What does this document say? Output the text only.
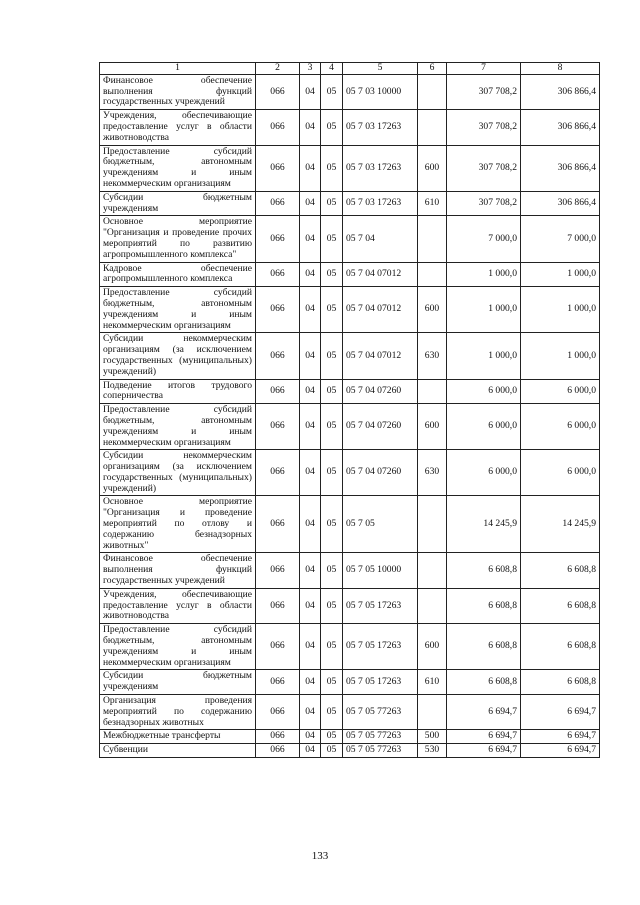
1	2	3	4	5	6	7	8
Финансовое обеспечение выполнения функций государственных учреждений	066	04	05	05 7 03 10000		307 708,2	306 866,4
Учреждения, обеспечивающие предоставление услуг в области животноводства	066	04	05	05 7 03 17263		307 708,2	306 866,4
Предоставление субсидий бюджетным, автономным учреждениям и иным некоммерческим организациям	066	04	05	05 7 03 17263	600	307 708,2	306 866,4
Субсидии бюджетным учреждениям	066	04	05	05 7 03 17263	610	307 708,2	306 866,4
Основное мероприятие "Организация и проведение прочих мероприятий по развитию агропромышленного комплекса"	066	04	05	05 7 04		7 000,0	7 000,0
Кадровое обеспечение агропромышленного комплекса	066	04	05	05 7 04 07012		1 000,0	1 000,0
Предоставление субсидий бюджетным, автономным учреждениям и иным некоммерческим организациям	066	04	05	05 7 04 07012	600	1 000,0	1 000,0
Субсидии некоммерческим организациям (за исключением государственных (муниципальных) учреждений)	066	04	05	05 7 04 07012	630	1 000,0	1 000,0
Подведение итогов трудового соперничества	066	04	05	05 7 04 07260		6 000,0	6 000,0
Предоставление субсидий бюджетным, автономным учреждениям и иным некоммерческим организациям	066	04	05	05 7 04 07260	600	6 000,0	6 000,0
Субсидии некоммерческим организациям (за исключением государственных (муниципальных) учреждений)	066	04	05	05 7 04 07260	630	6 000,0	6 000,0
Основное мероприятие "Организация и проведение мероприятий по отлову и содержанию безнадзорных животных"	066	04	05	05 7 05		14 245,9	14 245,9
Финансовое обеспечение выполнения функций государственных учреждений	066	04	05	05 7 05 10000		6 608,8	6 608,8
Учреждения, обеспечивающие предоставление услуг в области животноводства	066	04	05	05 7 05 17263		6 608,8	6 608,8
Предоставление субсидий бюджетным, автономным учреждениям и иным некоммерческим организациям	066	04	05	05 7 05 17263	600	6 608,8	6 608,8
Субсидии бюджетным учреждениям	066	04	05	05 7 05 17263	610	6 608,8	6 608,8
Организация проведения мероприятий по содержанию безнадзорных животных	066	04	05	05 7 05 77263		6 694,7	6 694,7
Межбюджетные трансферты	066	04	05	05 7 05 77263	500	6 694,7	6 694,7
Субвенции	066	04	05	05 7 05 77263	530	6 694,7	6 694,7
133
